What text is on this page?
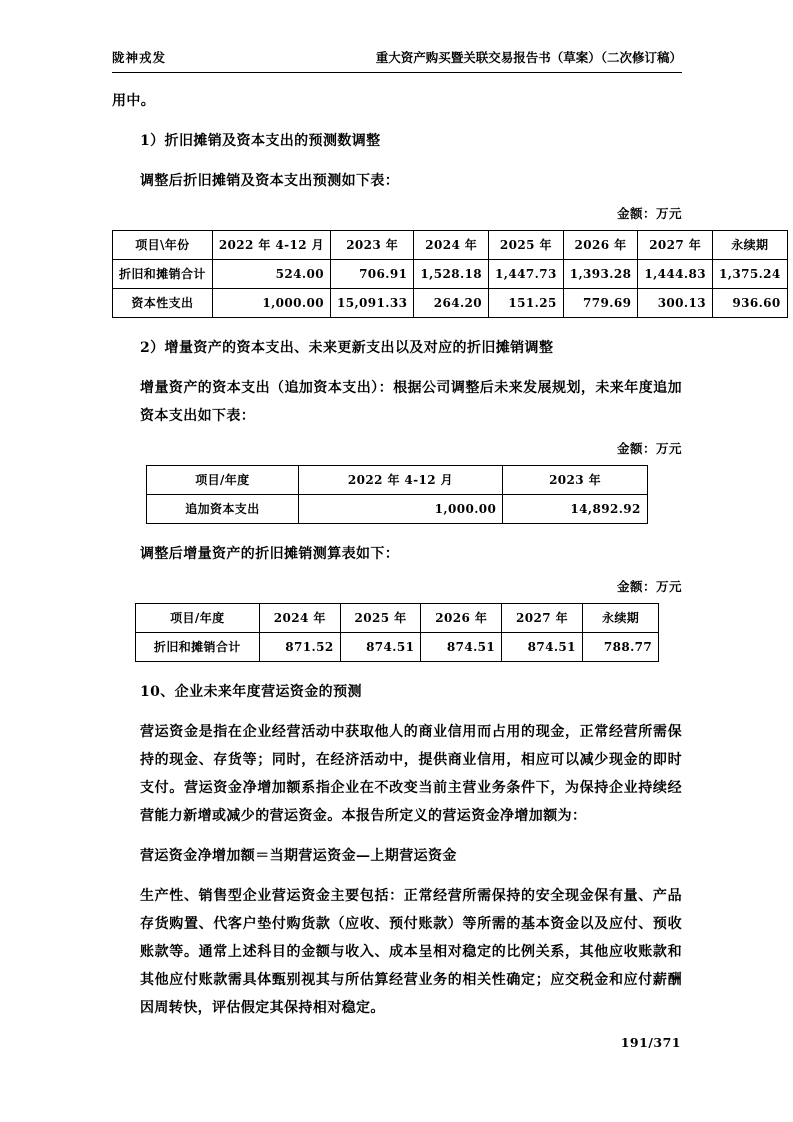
陇神戎发	重大资产购买暨关联交易报告书（草案）（二次修订稿）

用中。

1）折旧摊销及资本支出的预测数调整

调整后折旧摊销及资本支出预测如下表：

金额：万元
项目\年份	2022 年 4-12 月	2023 年	2024 年	2025 年	2026 年	2027 年	永续期
折旧和摊销合计	524.00	706.91	1,528.18	1,447.73	1,393.28	1,444.83	1,375.24
资本性支出	1,000.00	15,091.33	264.20	151.25	779.69	300.13	936.60

2）增量资产的资本支出、未来更新支出以及对应的折旧摊销调整

增量资产的资本支出（追加资本支出）：根据公司调整后未来发展规划，未来年度追加资本支出如下表：

金额：万元
项目/年度	2022 年 4-12 月	2023 年
追加资本支出	1,000.00	14,892.92

调整后增量资产的折旧摊销测算表如下：

金额：万元
项目/年度	2024 年	2025 年	2026 年	2027 年	永续期
折旧和摊销合计	871.52	874.51	874.51	874.51	788.77

10、企业未来年度营运资金的预测

营运资金是指在企业经营活动中获取他人的商业信用而占用的现金，正常经营所需保持的现金、存货等；同时，在经济活动中，提供商业信用，相应可以减少现金的即时支付。营运资金净增加额系指企业在不改变当前主营业务条件下，为保持企业持续经营能力新增或减少的营运资金。本报告所定义的营运资金净增加额为：

营运资金净增加额＝当期营运资金—上期营运资金

生产性、销售型企业营运资金主要包括：正常经营所需保持的安全现金保有量、产品存货购置、代客户垫付购货款（应收、预付账款）等所需的基本资金以及应付、预收账款等。通常上述科目的金额与收入、成本呈相对稳定的比例关系，其他应收账款和其他应付账款需具体甄别视其与所估算经营业务的相关性确定；应交税金和应付薪酬因周转快，评估假定其保持相对稳定。

191/371
